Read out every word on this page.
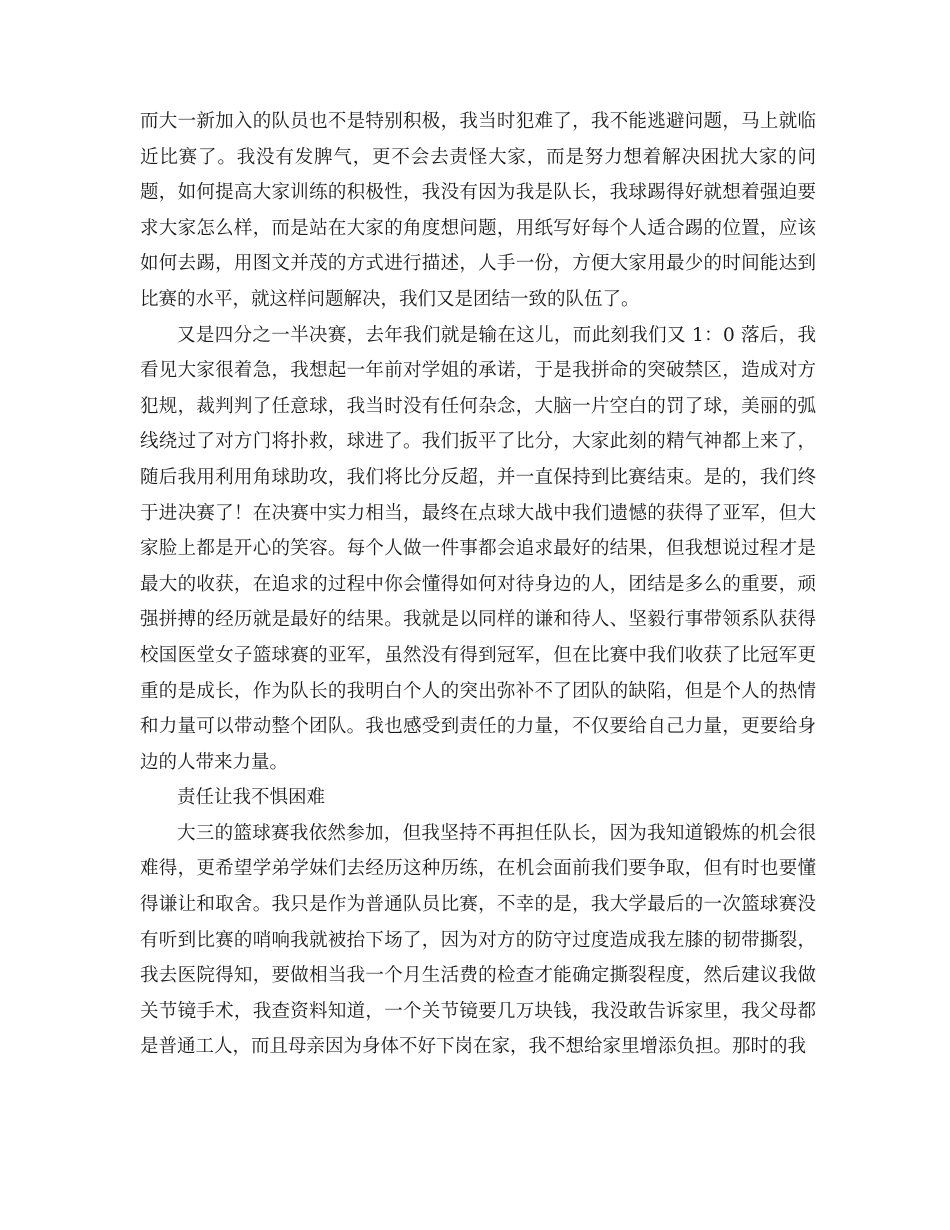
而大一新加入的队员也不是特别积极，我当时犯难了，我不能逃避问题，马上就临近比赛了。我没有发脾气，更不会去责怪大家，而是努力想着解决困扰大家的问题，如何提高大家训练的积极性，我没有因为我是队长，我球踢得好就想着强迫要求大家怎么样，而是站在大家的角度想问题，用纸写好每个人适合踢的位置，应该如何去踢，用图文并茂的方式进行描述，人手一份，方便大家用最少的时间能达到比赛的水平，就这样问题解决，我们又是团结一致的队伍了。

又是四分之一半决赛，去年我们就是输在这儿，而此刻我们又 1：0 落后，我看见大家很着急，我想起一年前对学姐的承诺，于是我拼命的突破禁区，造成对方犯规，裁判判了任意球，我当时没有任何杂念，大脑一片空白的罚了球，美丽的弧线绕过了对方门将扑救，球进了。我们扳平了比分，大家此刻的精气神都上来了，随后我用利用角球助攻，我们将比分反超，并一直保持到比赛结束。是的，我们终于进决赛了！在决赛中实力相当，最终在点球大战中我们遗憾的获得了亚军，但大家脸上都是开心的笑容。每个人做一件事都会追求最好的结果，但我想说过程才是最大的收获，在追求的过程中你会懂得如何对待身边的人，团结是多么的重要，顽强拼搏的经历就是最好的结果。我就是以同样的谦和待人、坚毅行事带领系队获得校国医堂女子篮球赛的亚军，虽然没有得到冠军，但在比赛中我们收获了比冠军更重的是成长，作为队长的我明白个人的突出弥补不了团队的缺陷，但是个人的热情和力量可以带动整个团队。我也感受到责任的力量，不仅要给自己力量，更要给身边的人带来力量。

责任让我不惧困难

大三的篮球赛我依然参加，但我坚持不再担任队长，因为我知道锻炼的机会很难得，更希望学弟学妹们去经历这种历练，在机会面前我们要争取，但有时也要懂得谦让和取舍。我只是作为普通队员比赛，不幸的是，我大学最后的一次篮球赛没有听到比赛的哨响我就被抬下场了，因为对方的防守过度造成我左膝的韧带撕裂，我去医院得知，要做相当我一个月生活费的检查才能确定撕裂程度，然后建议我做关节镜手术，我查资料知道，一个关节镜要几万块钱，我没敢告诉家里，我父母都是普通工人，而且母亲因为身体不好下岗在家，我不想给家里增添负担。那时的我
